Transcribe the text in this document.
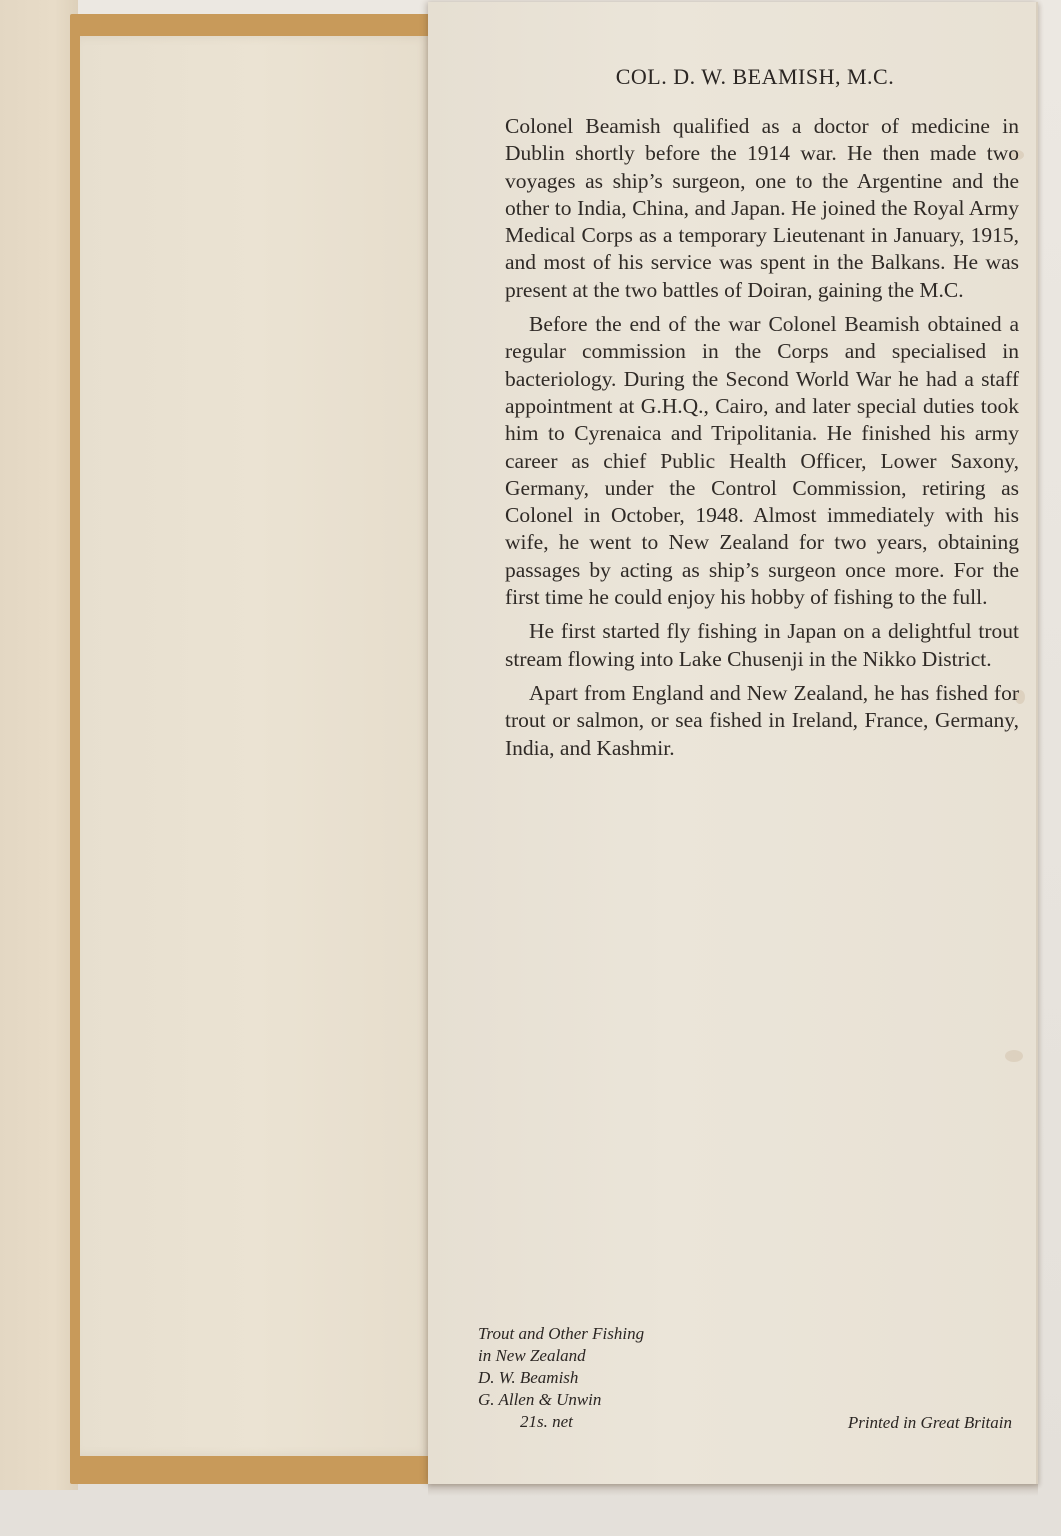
COL. D. W. BEAMISH, M.C.

Colonel Beamish qualified as a doctor of medicine in Dublin shortly before the 1914 war. He then made two voyages as ship’s surgeon, one to the Argentine and the other to India, China, and Japan. He joined the Royal Army Medical Corps as a temporary Lieutenant in January, 1915, and most of his service was spent in the Balkans. He was present at the two battles of Doiran, gaining the M.C.

Before the end of the war Colonel Beamish obtained a regular commission in the Corps and specialised in bacteriology. During the Second World War he had a staff appointment at G.H.Q., Cairo, and later special duties took him to Cyrenaica and Tripolitania. He finished his army career as chief Public Health Officer, Lower Saxony, Germany, under the Control Commission, retiring as Colonel in October, 1948. Almost immediately with his wife, he went to New Zealand for two years, obtaining passages by acting as ship’s surgeon once more. For the first time he could enjoy his hobby of fishing to the full.

He first started fly fishing in Japan on a delightful trout stream flowing into Lake Chusenji in the Nikko District.

Apart from England and New Zealand, he has fished for trout or salmon, or sea fished in Ireland, France, Germany, India, and Kashmir.

Trout and Other Fishing
in New Zealand
D. W. Beamish
G. Allen & Unwin

21s. net	Printed in Great Britain
